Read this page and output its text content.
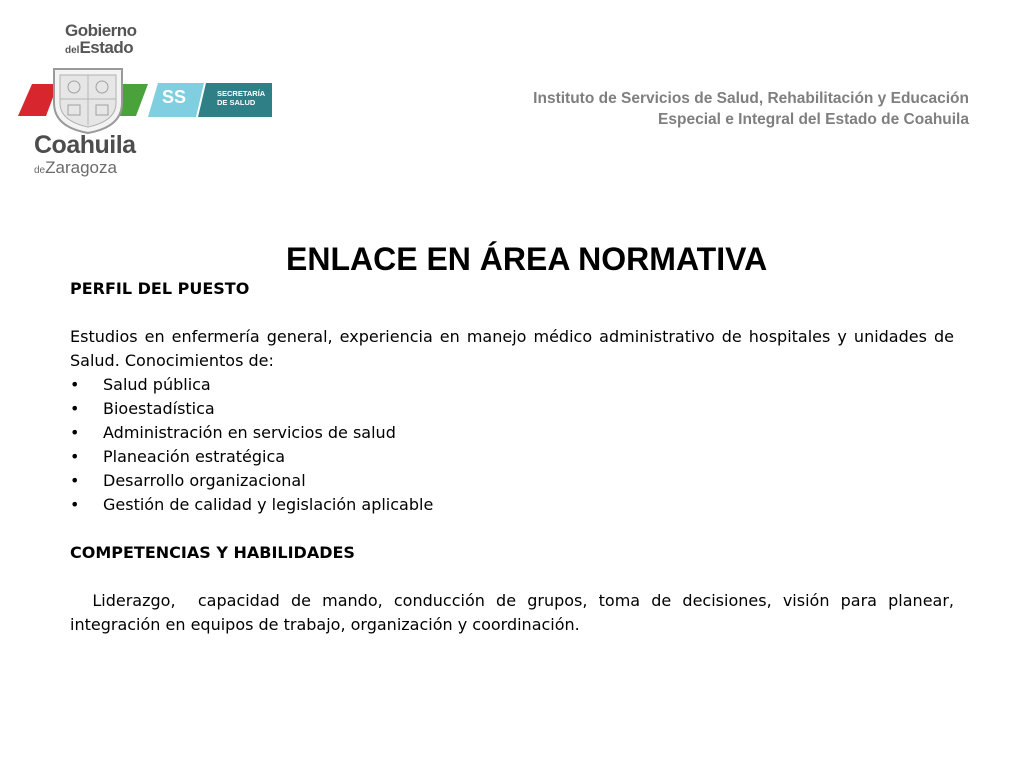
Gobierno
delEstado
SS	SECRETARÍA
DE SALUD
Coahuila
deZaragoza
Instituto de Servicios de Salud, Rehabilitación y Educación
Especial e Integral del Estado de Coahuila
ENLACE EN ÁREA NORMATIVA

PERFIL DEL PUESTO

Estudios en enfermería general, experiencia en manejo médico administrativo de hospitales y unidades de Salud. Conocimientos de:

• Salud pública
• Bioestadística
• Administración en servicios de salud
• Planeación estratégica
• Desarrollo organizacional
• Gestión de calidad y legislación aplicable

COMPETENCIAS Y HABILIDADES

Liderazgo,  capacidad de mando, conducción de grupos, toma de decisiones, visión para planear, integración en equipos de trabajo, organización y coordinación.
